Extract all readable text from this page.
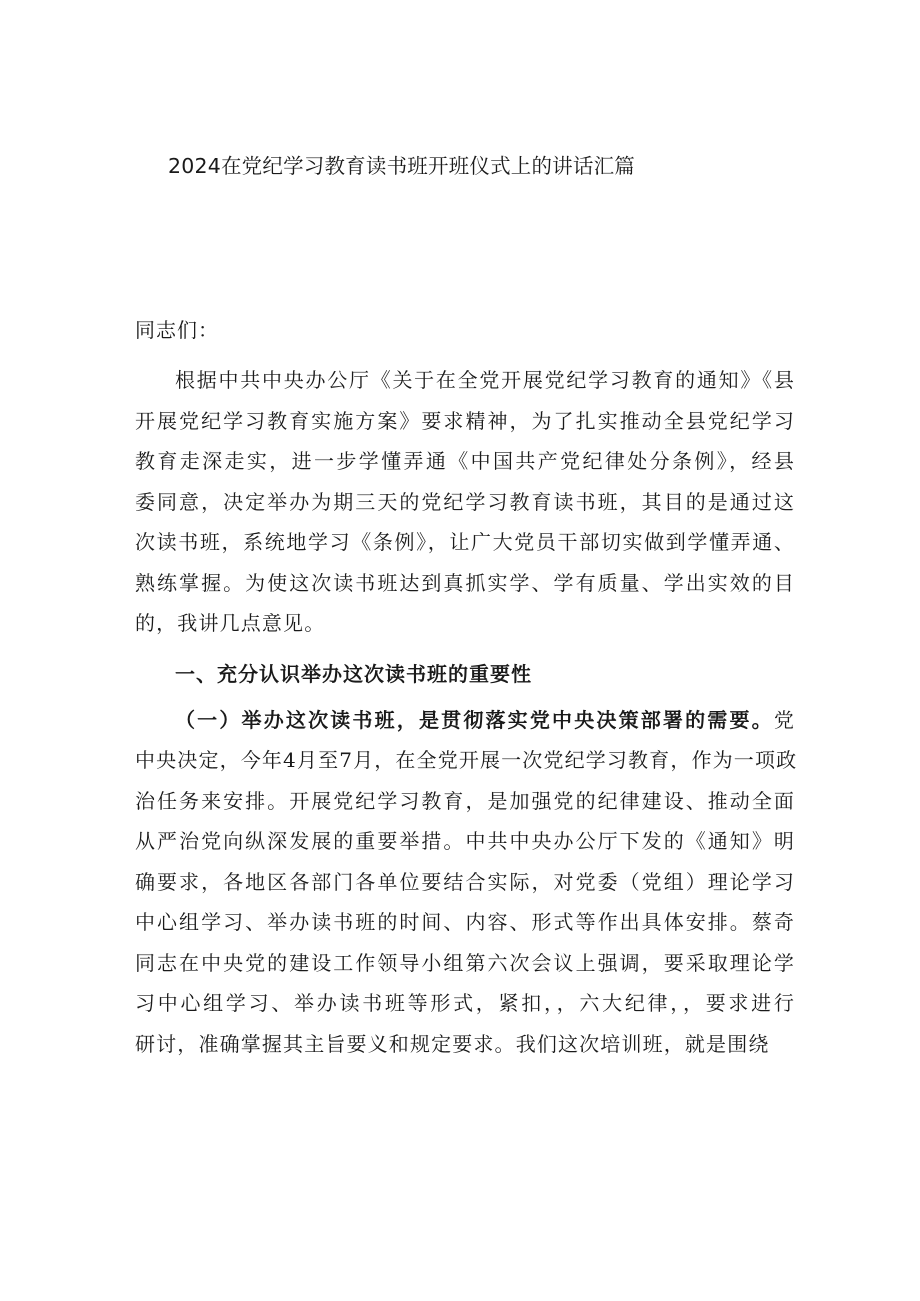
2024在党纪学习教育读书班开班仪式上的讲话汇篇

同志们：

根据中共中央办公厅《关于在全党开展党纪学习教育的通知》《县开展党纪学习教育实施方案》要求精神，为了扎实推动全县党纪学习教育走深走实，进一步学懂弄通《中国共产党纪律处分条例》，经县委同意，决定举办为期三天的党纪学习教育读书班，其目的是通过这次读书班，系统地学习《条例》，让广大党员干部切实做到学懂弄通、熟练掌握。为使这次读书班达到真抓实学、学有质量、学出实效的目的，我讲几点意见。

一、充分认识举办这次读书班的重要性

（一）举办这次读书班，是贯彻落实党中央决策部署的需要。党中央决定，今年4月至7月，在全党开展一次党纪学习教育，作为一项政治任务来安排。开展党纪学习教育，是加强党的纪律建设、推动全面从严治党向纵深发展的重要举措。中共中央办公厅下发的《通知》明确要求，各地区各部门各单位要结合实际，对党委（党组）理论学习中心组学习、举办读书班的时间、内容、形式等作出具体安排。蔡奇同志在中央党的建设工作领导小组第六次会议上强调，要采取理论学习中心组学习、举办读书班等形式，紧扣，，六大纪律，，要求进行研讨，准确掌握其主旨要义和规定要求。我们这次培训班，就是围绕
